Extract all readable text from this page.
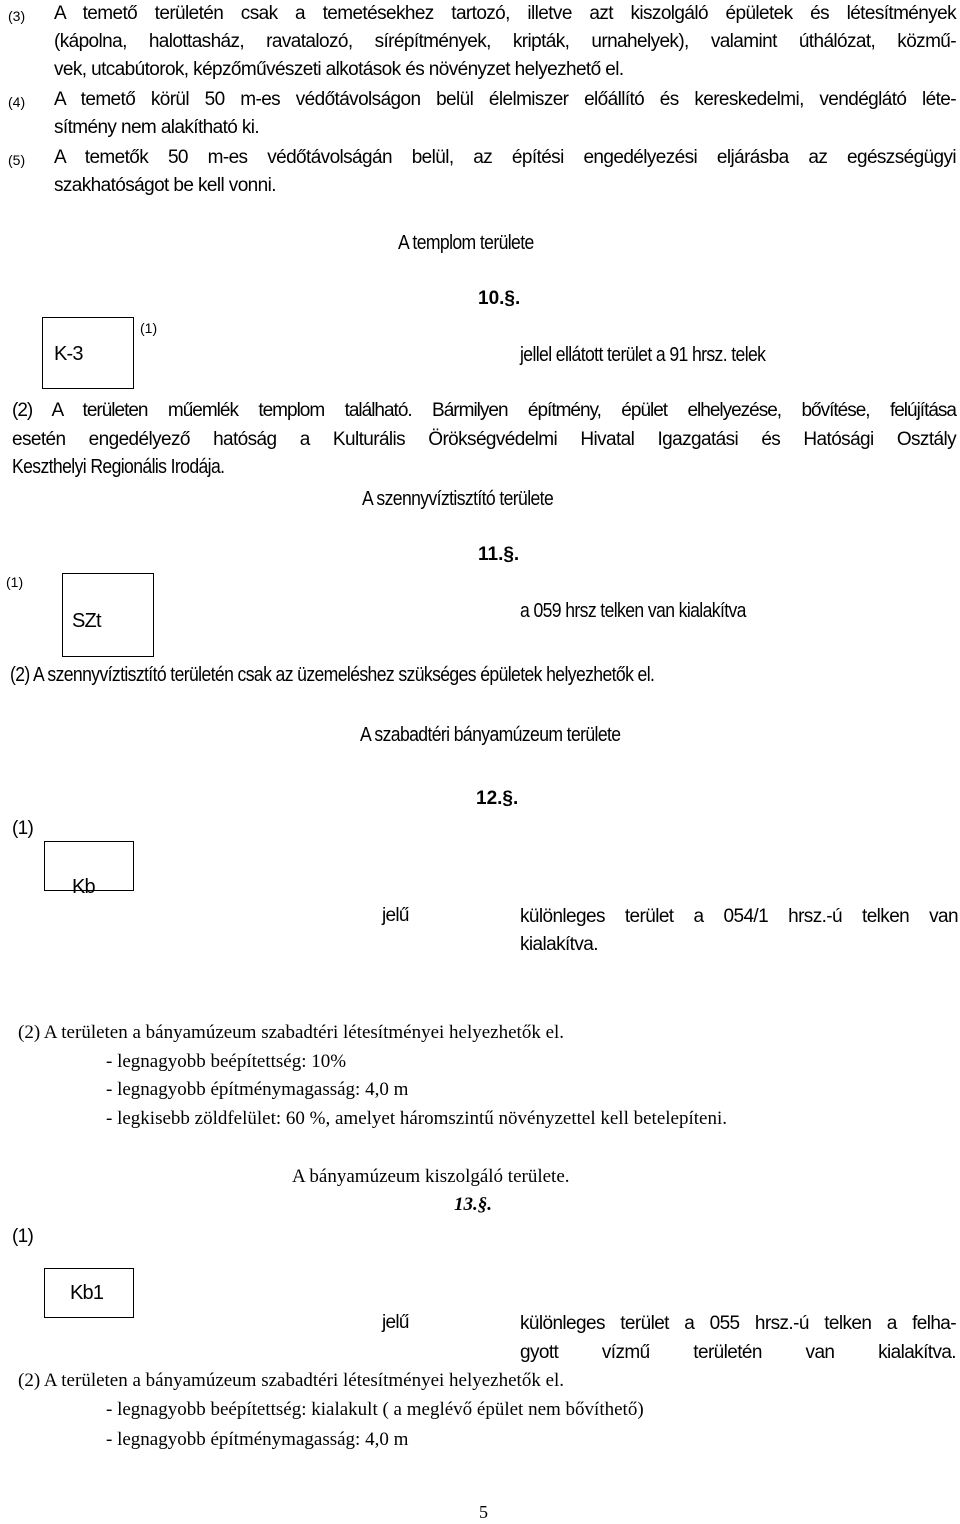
(3) A temető területén csak a temetésekhez tartozó, illetve azt kiszolgáló épületek és létesítmények
(kápolna, halottasház, ravatalozó, sírépítmények, kripták, urnahelyek), valamint úthálózat, közmű-
vek, utcabútorok, képzőművészeti alkotások és növényzet helyezhető el.
(4) A temető körül 50 m-es védőtávolságon belül élelmiszer előállító és kereskedelmi, vendéglátó léte-
sítmény nem alakítható ki.
(5) A temetők 50 m-es védőtávolságán belül, az építési engedélyezési eljárásba az egészségügyi
szakhatóságot be kell vonni.
A templom területe
10.§.
(1)
K-3	jellel ellátott terület a 91 hrsz. telek
(2) A területen műemlék templom található. Bármilyen építmény, épület elhelyezése, bővítése, felújítása
esetén engedélyező hatóság a Kulturális Örökségvédelmi Hivatal Igazgatási és Hatósági Osztály
Keszthelyi Regionális Irodája.
A szennyvíztisztító területe
11.§.
(1)
SZt	a 059 hrsz telken van kialakítva
(2) A szennyvíztisztító területén csak az üzemeléshez szükséges épületek helyezhetők el.
A szabadtéri bányamúzeum területe
12.§.
(1)
Kb
jelű	különleges terület a 054/1 hrsz.-ú telken van
kialakítva.
(2) A területen a bányamúzeum szabadtéri létesítményei helyezhetők el.
- legnagyobb beépítettség: 10%
- legnagyobb építménymagasság: 4,0 m
- legkisebb zöldfelület: 60 %, amelyet háromszintű növényzettel kell betelepíteni.
A bányamúzeum kiszolgáló területe.
13.§.
(1)
Kb1
jelű	különleges terület a 055 hrsz.-ú telken a felha-
gyott vízmű területén van kialakítva.
(2) A területen a bányamúzeum szabadtéri létesítményei helyezhetők el.
- legnagyobb beépítettség: kialakult ( a meglévő épület nem bővíthető)
- legnagyobb építménymagasság: 4,0 m
5
